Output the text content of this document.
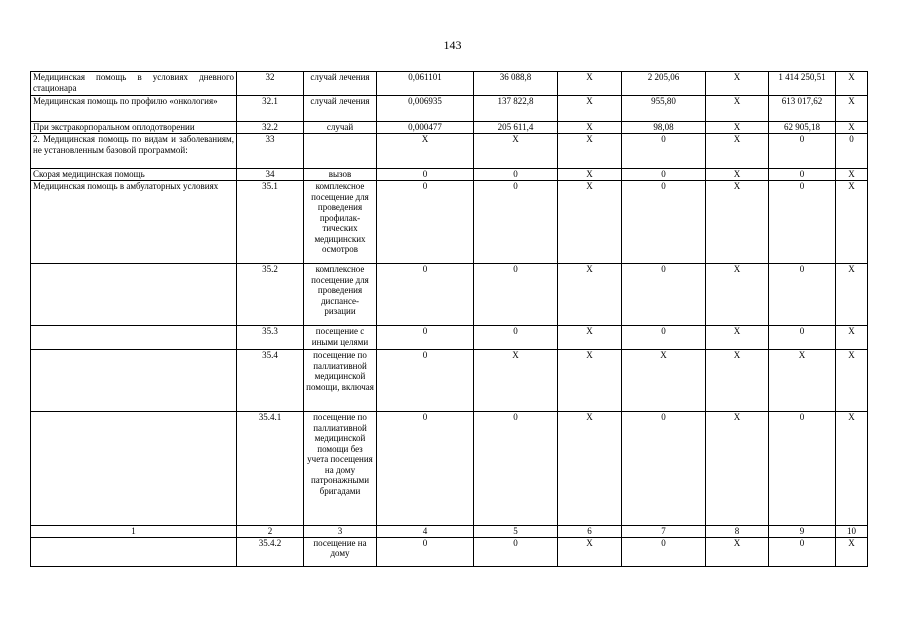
143
Медицинская помощь в условиях дневного стационара	32	случай лечения	0,061101	36 088,8	X	2 205,06	X	1 414 250,51	X
Медицинская помощь по профилю «онкология»	32.1	случай лечения	0,006935	137 822,8	X	955,80	X	613 017,62	X
При экстракорпоральном оплодотворении	32.2	случай	0,000477	205 611,4	X	98,08	X	62 905,18	X
2. Медицинская помощь по видам и заболеваниям, не установленным базовой программой:	33		X	X	X	0	X	0	0
Скорая медицинская помощь	34	вызов	0	0	X	0	X	0	X
Медицинская помощь в амбулаторных условиях	35.1	комплексное посещение для проведения профилак-тических медицинских осмотров	0	0	X	0	X	0	X
	35.2	комплексное посещение для проведения диспансе-ризации	0	0	X	0	X	0	X
	35.3	посещение с иными целями	0	0	X	0	X	0	X
	35.4	посещение по паллиативной медицинской помощи, включая	0	X	X	X	X	X	X
	35.4.1	посещение по паллиативной медицинской помощи без учета посещения на дому патронажными бригадами	0	0	X	0	X	0	X
1	2	3	4	5	6	7	8	9	10
	35.4.2	посещение на дому	0	0	X	0	X	0	X
